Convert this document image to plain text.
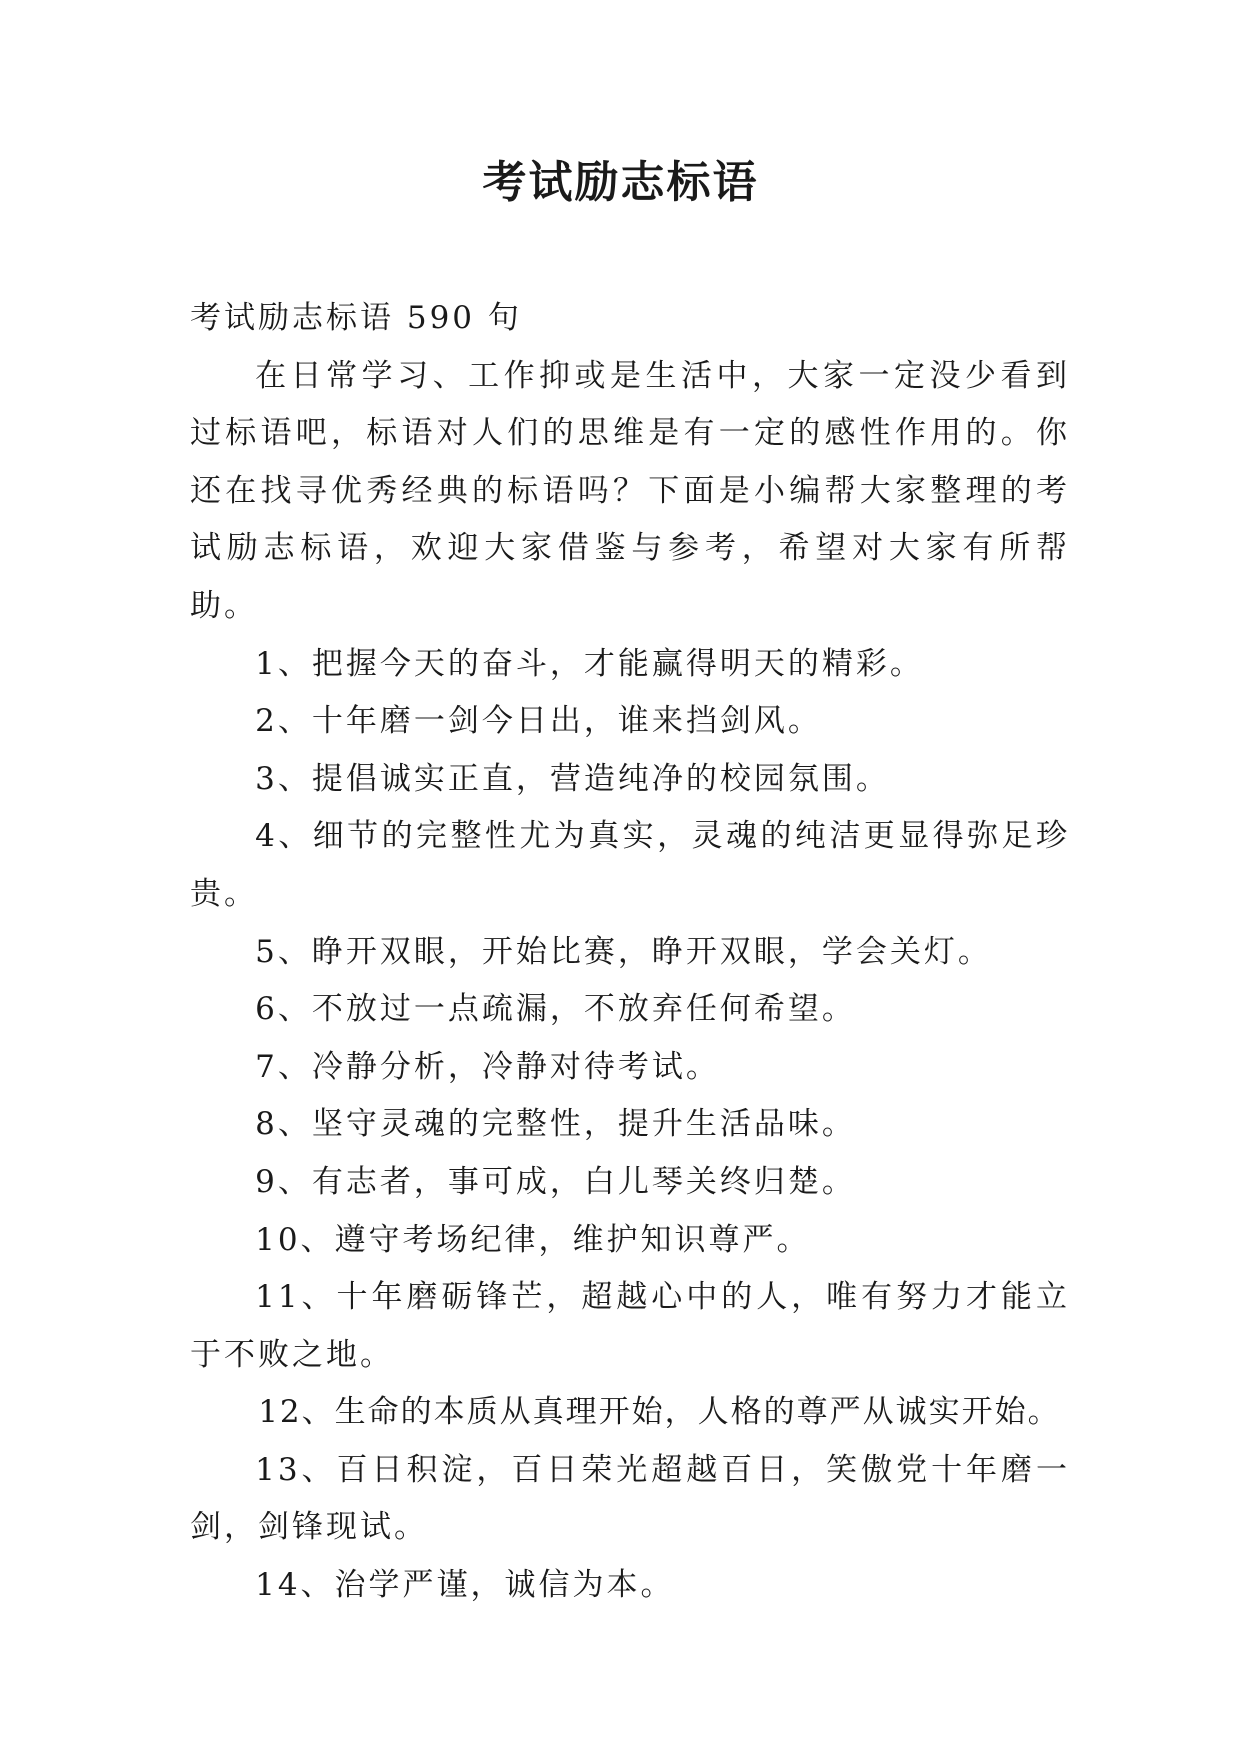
考试励志标语

考试励志标语 590 句

在日常学习、工作抑或是生活中，大家一定没少看到过标语吧，标语对人们的思维是有一定的感性作用的。你还在找寻优秀经典的标语吗？下面是小编帮大家整理的考试励志标语，欢迎大家借鉴与参考，希望对大家有所帮助。

1、把握今天的奋斗，才能赢得明天的精彩。

2、十年磨一剑今日出，谁来挡剑风。

3、提倡诚实正直，营造纯净的校园氛围。

4、细节的完整性尤为真实，灵魂的纯洁更显得弥足珍贵。

5、睁开双眼，开始比赛，睁开双眼，学会关灯。

6、不放过一点疏漏，不放弃任何希望。

7、冷静分析，冷静对待考试。

8、坚守灵魂的完整性，提升生活品味。

9、有志者，事可成，白儿琴关终归楚。

10、遵守考场纪律，维护知识尊严。

11、十年磨砺锋芒，超越心中的人，唯有努力才能立于不败之地。

12、生命的本质从真理开始，人格的尊严从诚实开始。

13、百日积淀，百日荣光超越百日，笑傲党十年磨一剑，剑锋现试。

14、治学严谨，诚信为本。
